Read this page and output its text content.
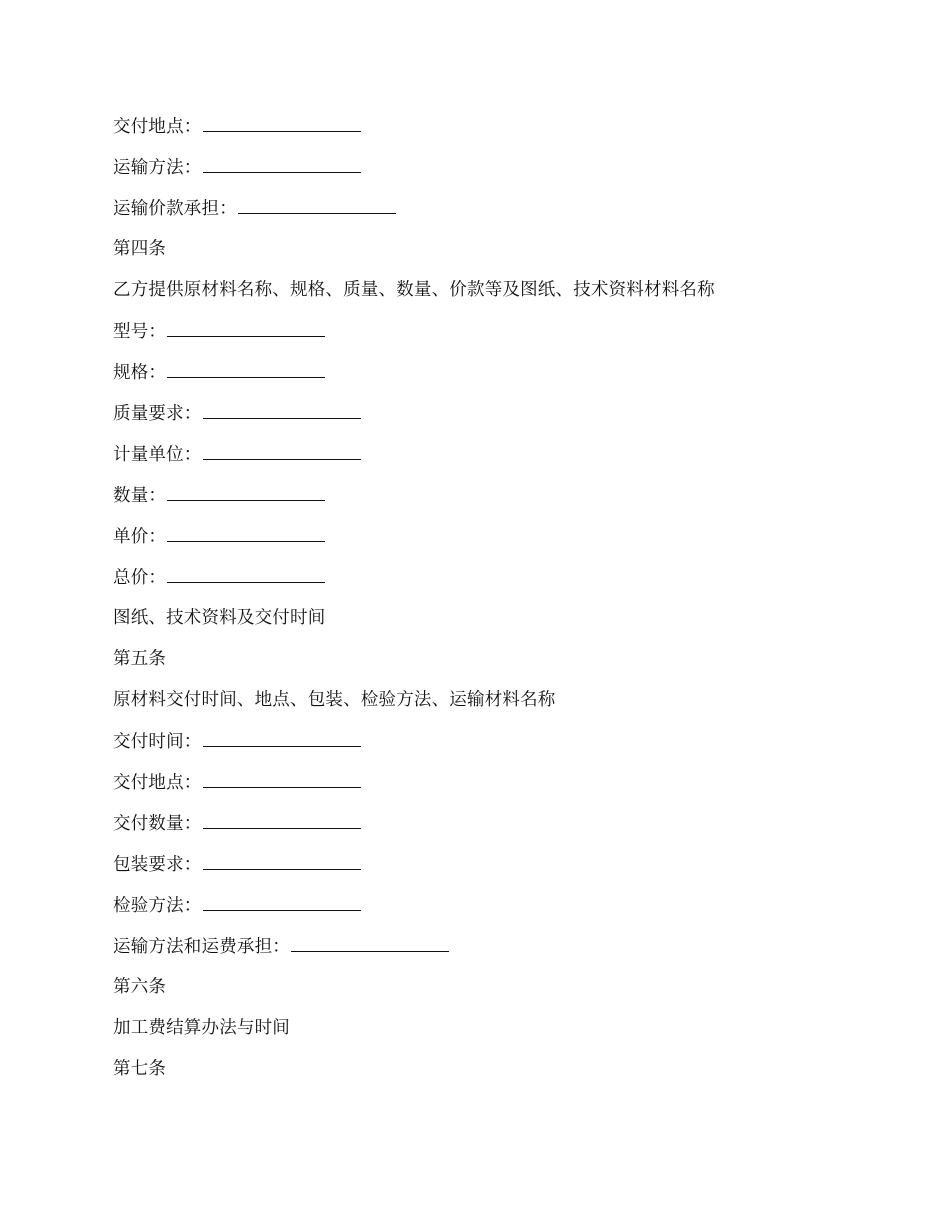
交付地点：
运输方法：
运输价款承担：
第四条
乙方提供原材料名称、规格、质量、数量、价款等及图纸、技术资料材料名称
型号：
规格：
质量要求：
计量单位：
数量：
单价：
总价：
图纸、技术资料及交付时间
第五条
原材料交付时间、地点、包装、检验方法、运输材料名称
交付时间：
交付地点：
交付数量：
包装要求：
检验方法：
运输方法和运费承担：
第六条
加工费结算办法与时间
第七条
